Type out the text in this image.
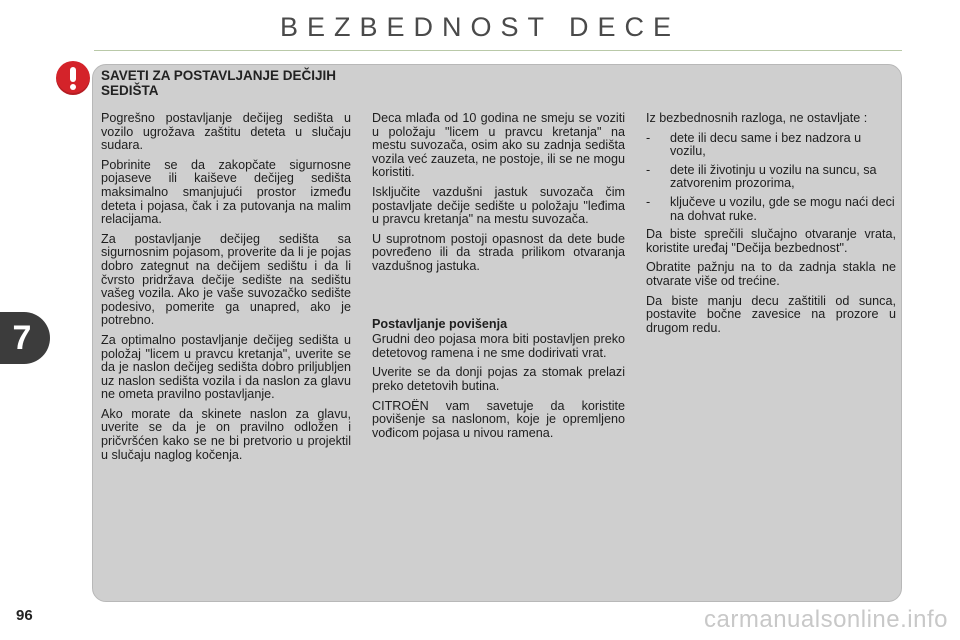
BEZBEDNOST DECE
SAVETI ZA POSTAVLJANJE DEČIJIH SEDIŠTA

Pogrešno postavljanje dečijeg sedišta u vozilo ugrožava zaštitu deteta u slučaju sudara.

Pobrinite se da zakopčate sigurnosne pojaseve ili kaiševe dečijeg sedišta maksimalno smanjujući prostor između deteta i pojasa, čak i za putovanja na malim relacijama.

Za postavljanje dečijeg sedišta sa sigurnosnim pojasom, proverite da li je pojas dobro zategnut na dečijem sedištu i da li čvrsto pridržava dečije sedište na sedištu vašeg vozila. Ako je vaše suvozačko sedište podesivo, pomerite ga unapred, ako je potrebno.

Za optimalno postavljanje dečijeg sedišta u položaj "licem u pravcu kretanja", uverite se da je naslon dečijeg sedišta dobro priljubljen uz naslon sedišta vozila i da naslon za glavu ne ometa pravilno postavljanje.

Ako morate da skinete naslon za glavu, uverite se da je on pravilno odložen i pričvršćen kako se ne bi pretvorio u projektil u slučaju naglog kočenja.

Deca mlađa od 10 godina ne smeju se voziti u položaju "licem u pravcu kretanja" na mestu suvozača, osim ako su zadnja sedišta vozila već zauzeta, ne postoje, ili se ne mogu koristiti.

Isključite vazdušni jastuk suvozača čim postavljate dečije sedište u položaju "leđima u pravcu kretanja" na mestu suvozača.

U suprotnom postoji opasnost da dete bude povređeno ili da strada prilikom otvaranja vazdušnog jastuka.

Postavljanje povišenja

Grudni deo pojasa mora biti postavljen preko detetovog ramena i ne sme dodirivati vrat.

Uverite se da donji pojas za stomak prelazi preko detetovih butina.

CITROËN vam savetuje da koristite povišenje sa naslonom, koje je opremljeno vođicom pojasa u nivou ramena.

Iz bezbednosnih razloga, ne ostavljate :

-	dete ili decu same i bez nadzora u vozilu,
-	dete ili životinju u vozilu na suncu, sa zatvorenim prozorima,
-	ključeve u vozilu, gde se mogu naći deci na dohvat ruke.

Da biste sprečili slučajno otvaranje vrata, koristite uređaj "Dečija bezbednost".

Obratite pažnju na to da zadnja stakla ne otvarate više od trećine.

Da biste manju decu zaštitili od sunca, postavite bočne zavesice na prozore u drugom redu.

7
96	carmanualsonline.info
